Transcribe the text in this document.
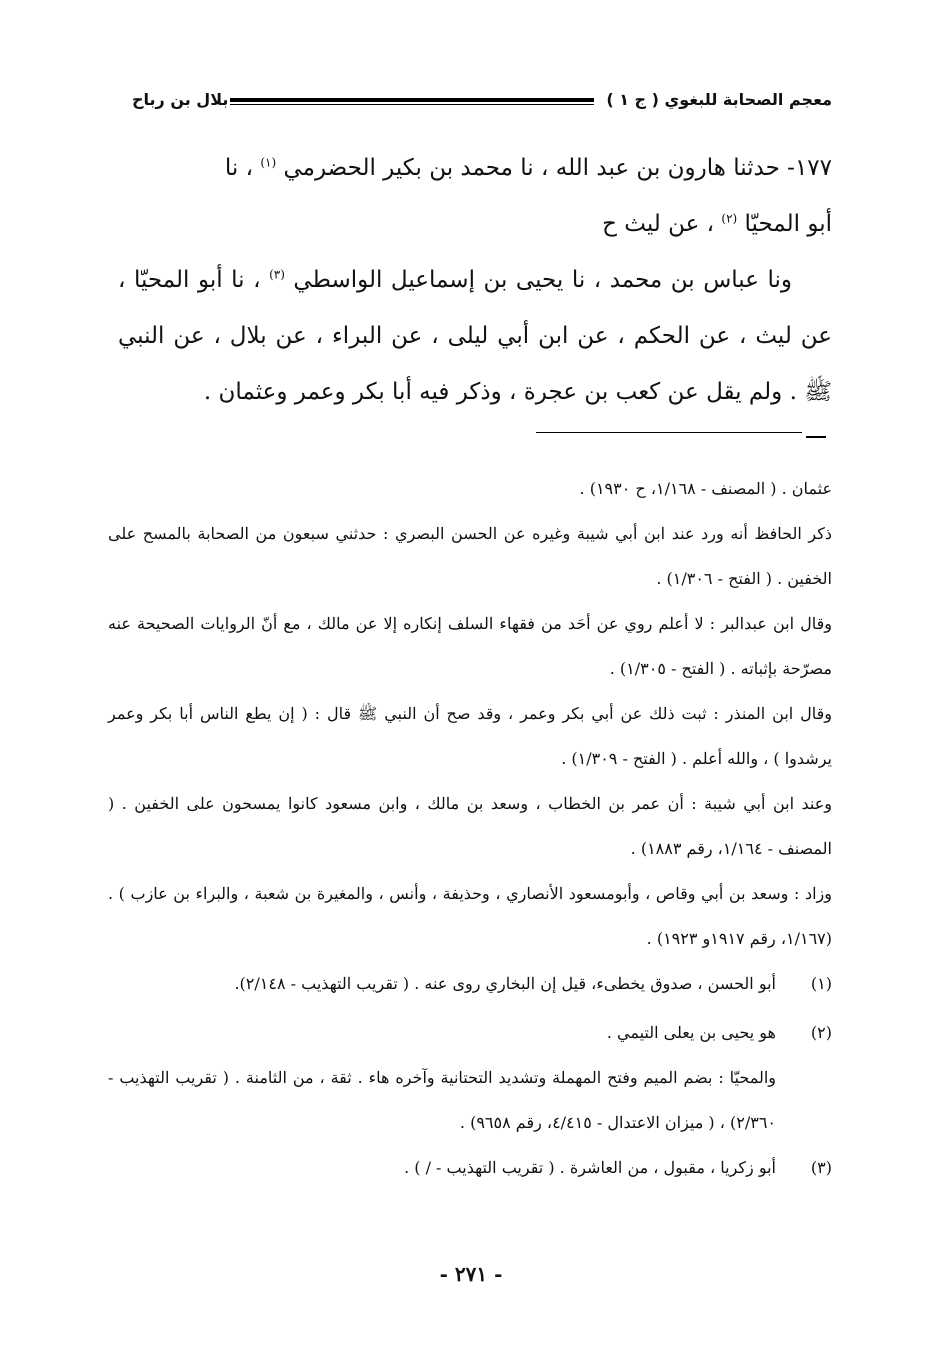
معجم الصحابة للبغوي ( ج ١ )
بلال بن رباح

١٧٧- حدثنا هارون بن عبد الله ، نا محمد بن بكير الحضرمي $^{(١)}$ ، نا

أبو المحيّا $^{(٢)}$ ، عن ليث ح

ونا عباس بن محمد ، نا يحيى بن إسماعيل الواسطي $^{(٣)}$ ، نا أبو المحيّا ، عن ليث ، عن الحكم ، عن ابن أبي ليلى ، عن البراء ، عن بلال ، عن النبي ﷺ . ولم يقل عن كعب بن عجرة ، وذكر فيه أبا بكر وعمر وعثمان .

عثمان . ( المصنف - ١/١٦٨، ح ١٩٣٠) .

ذكر الحافظ أنه ورد عند ابن أبي شيبة وغيره عن الحسن البصري : حدثني سبعون من الصحابة بالمسح على الخفين . ( الفتح - ١/٣٠٦) .

وقال ابن عبدالبر : لا أعلم روي عن أحَد من فقهاء السلف إنكاره إلا عن مالك ، مع أنّ الروايات الصحيحة عنه مصرّحة بإثباته . ( الفتح - ١/٣٠٥) .

وقال ابن المنذر : ثبت ذلك عن أبي بكر وعمر ، وقد صح أن النبي ﷺ قال : ( إن يطع الناس أبا بكر وعمر يرشدوا ) ، والله أعلم . ( الفتح - ١/٣٠٩) .

وعند ابن أبي شيبة : أن عمر بن الخطاب ، وسعد بن مالك ، وابن مسعود كانوا يمسحون على الخفين . ( المصنف - ١/١٦٤، رقم ١٨٨٣) .

وزاد : وسعد بن أبي وقاص ، وأبومسعود الأنصاري ، وحذيفة ، وأنس ، والمغيرة بن شعبة ، والبراء بن عازب ) . (١/١٦٧، رقم ١٩١٧و ١٩٢٣) .

(١)
أبو الحسن ، صدوق يخطىء، قيل إن البخاري روى عنه . ( تقريب التهذيب - ٢/١٤٨).

(٢)
هو يحيى بن يعلى التيمي .

والمحيّا : بضم الميم وفتح المهملة وتشديد التحتانية وآخره هاء . ثقة ، من الثامنة . ( تقريب التهذيب - ٢/٣٦٠) ، ( ميزان الاعتدال - ٤/٤١٥، رقم ٩٦٥٨) .

(٣)
أبو زكريا ، مقبول ، من العاشرة . ( تقريب التهذيب - / ) .

- ٢٧١ -
